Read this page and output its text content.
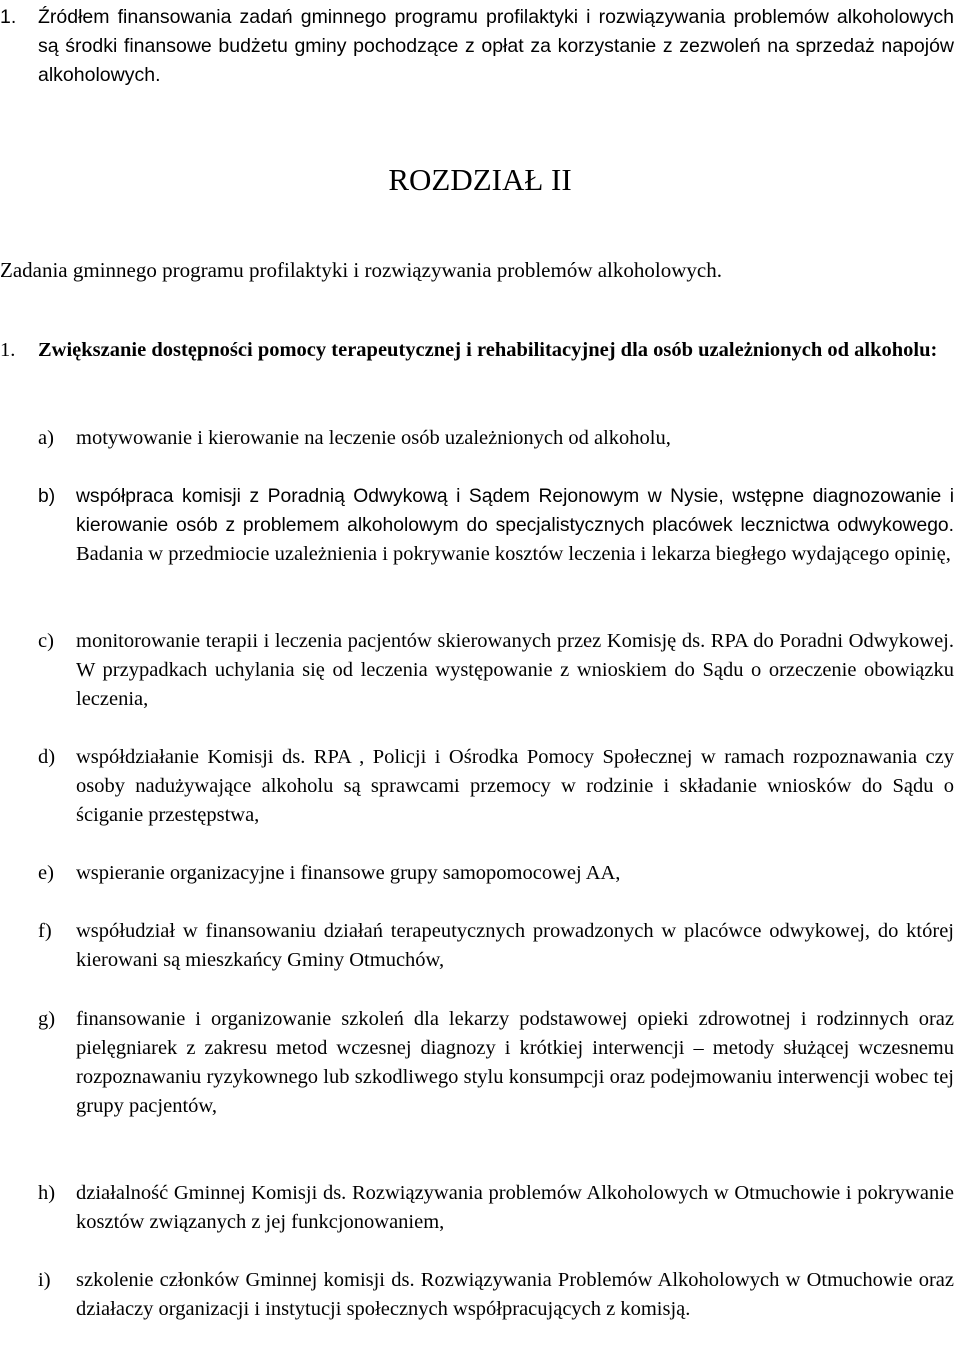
1. Źródłem finansowania zadań gminnego programu profilaktyki i rozwiązywania problemów alkoholowych są środki finansowe budżetu gminy pochodzące z opłat za korzystanie z zezwoleń na sprzedaż napojów alkoholowych.

ROZDZIAŁ II

Zadania gminnego programu profilaktyki i rozwiązywania problemów alkoholowych.

1. Zwiększanie dostępności pomocy terapeutycznej i rehabilitacyjnej dla osób uzależnionych od alkoholu:

a) motywowanie i kierowanie na leczenie osób uzależnionych od alkoholu,
b) współpraca komisji z Poradnią Odwykową i Sądem Rejonowym w Nysie, wstępne diagnozowanie i kierowanie osób z problemem alkoholowym do specjalistycznych placówek lecznictwa odwykowego. Badania w przedmiocie uzależnienia i pokrywanie kosztów leczenia i lekarza biegłego wydającego opinię,
c) monitorowanie terapii i leczenia pacjentów skierowanych przez Komisję ds. RPA do Poradni Odwykowej. W przypadkach uchylania się od leczenia występowanie z wnioskiem do Sądu o orzeczenie obowiązku leczenia,
d) współdziałanie Komisji ds. RPA , Policji i Ośrodka Pomocy Społecznej w ramach rozpoznawania czy osoby nadużywające alkoholu są sprawcami przemocy w rodzinie i składanie wniosków do Sądu o ściganie przestępstwa,
e) wspieranie organizacyjne i finansowe grupy samopomocowej AA,
f) współudział w finansowaniu działań terapeutycznych prowadzonych w placówce odwykowej, do której kierowani są mieszkańcy Gminy Otmuchów,
g) finansowanie i organizowanie szkoleń dla lekarzy podstawowej opieki zdrowotnej i rodzinnych oraz pielęgniarek z zakresu metod wczesnej diagnozy i krótkiej interwencji – metody służącej wczesnemu rozpoznawaniu ryzykownego lub szkodliwego stylu konsumpcji oraz podejmowaniu interwencji wobec tej grupy pacjentów,
h) działalność Gminnej Komisji ds. Rozwiązywania problemów Alkoholowych w Otmuchowie i pokrywanie kosztów związanych z jej funkcjonowaniem,
i) szkolenie członków Gminnej komisji ds. Rozwiązywania Problemów Alkoholowych w Otmuchowie oraz działaczy organizacji i instytucji społecznych współpracujących z komisją.
